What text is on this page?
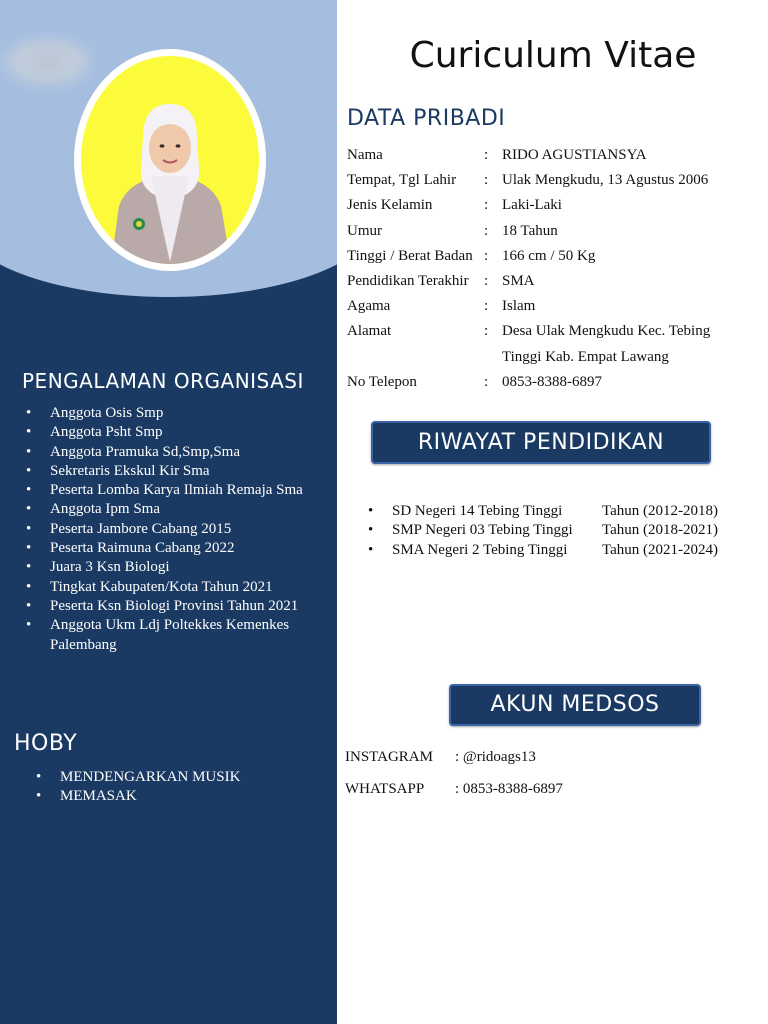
PENGALAMAN ORGANISASI
• Anggota Osis Smp
• Anggota Psht Smp
• Anggota Pramuka Sd,Smp,Sma
• Sekretaris Ekskul Kir Sma
• Peserta Lomba Karya Ilmiah Remaja Sma
• Anggota Ipm Sma
• Peserta Jambore Cabang 2015
• Peserta Raimuna Cabang 2022
• Juara 3 Ksn Biologi
• Tingkat Kabupaten/Kota Tahun 2021
• Peserta Ksn Biologi Provinsi Tahun 2021
• Anggota Ukm Ldj Poltekkes Kemenkes Palembang
HOBY
• MENDENGARKAN MUSIK
• MEMASAK
Curiculum Vitae
DATA PRIBADI
Nama	: RIDO AGUSTIANSYA
Tempat, Tgl Lahir	: Ulak Mengkudu, 13 Agustus 2006
Jenis Kelamin	: Laki-Laki
Umur	: 18 Tahun
Tinggi / Berat Badan : 166 cm / 50 Kg
Pendidikan Terakhir	: SMA
Agama	: Islam
Alamat	: Desa Ulak Mengkudu Kec. Tebing Tinggi Kab. Empat Lawang
No Telepon	: 0853-8388-6897
RIWAYAT PENDIDIKAN
• SD Negeri 14 Tebing Tinggi	Tahun (2012-2018)
• SMP Negeri 03 Tebing Tinggi	Tahun (2018-2021)
• SMA Negeri 2 Tebing Tinggi	Tahun (2021-2024)
AKUN MEDSOS
INSTAGRAM	: @ridoags13
WHATSAPP	: 0853-8388-6897
